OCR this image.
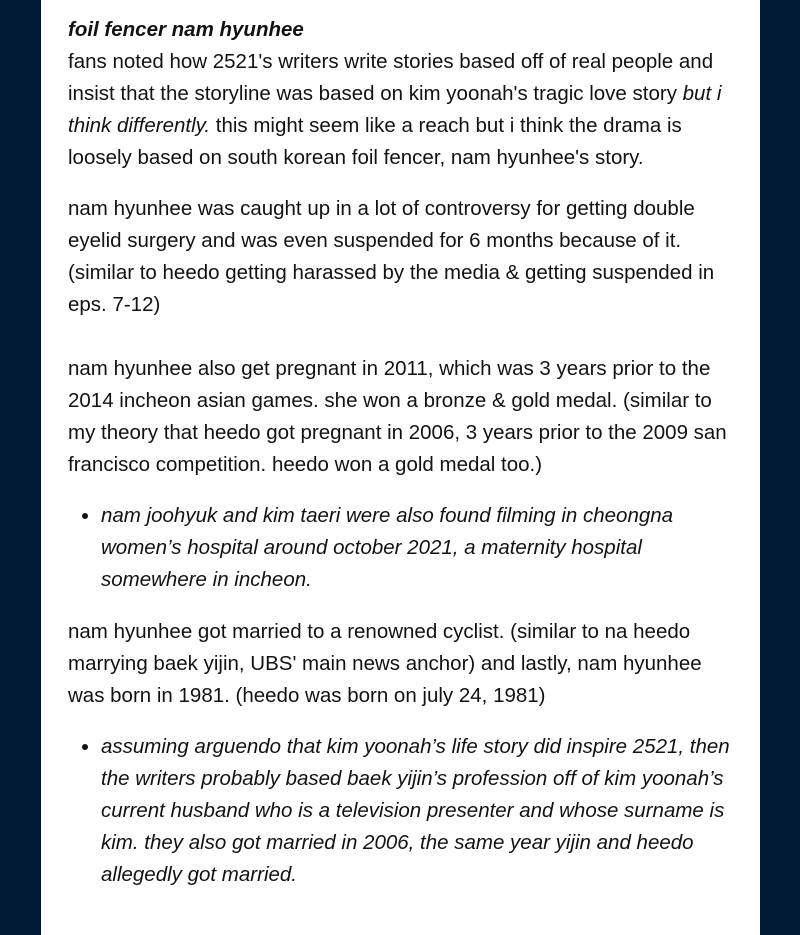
foil fencer nam hyunhee

fans noted how 2521's writers write stories based off of real people and insist that the storyline was based on kim yoonah's tragic love story but i think differently. this might seem like a reach but i think the drama is loosely based on south korean foil fencer, nam hyunhee's story.

nam hyunhee was caught up in a lot of controversy for getting double eyelid surgery and was even suspended for 6 months because of it. (similar to heedo getting harassed by the media & getting suspended in eps. 7-12)

nam hyunhee also get pregnant in 2011, which was 3 years prior to the 2014 incheon asian games. she won a bronze & gold medal. (similar to my theory that heedo got pregnant in 2006, 3 years prior to the 2009 san francisco competition. heedo won a gold medal too.)

• nam joohyuk and kim taeri were also found filming in cheongna women’s hospital around october 2021, a maternity hospital somewhere in incheon.

nam hyunhee got married to a renowned cyclist. (similar to na heedo marrying baek yijin, UBS' main news anchor) and lastly, nam hyunhee was born in 1981. (heedo was born on july 24, 1981)

• assuming arguendo that kim yoonah’s life story did inspire 2521, then the writers probably based baek yijin’s profession off of kim yoonah’s current husband who is a television presenter and whose surname is kim. they also got married in 2006, the same year yijin and heedo allegedly got married.
